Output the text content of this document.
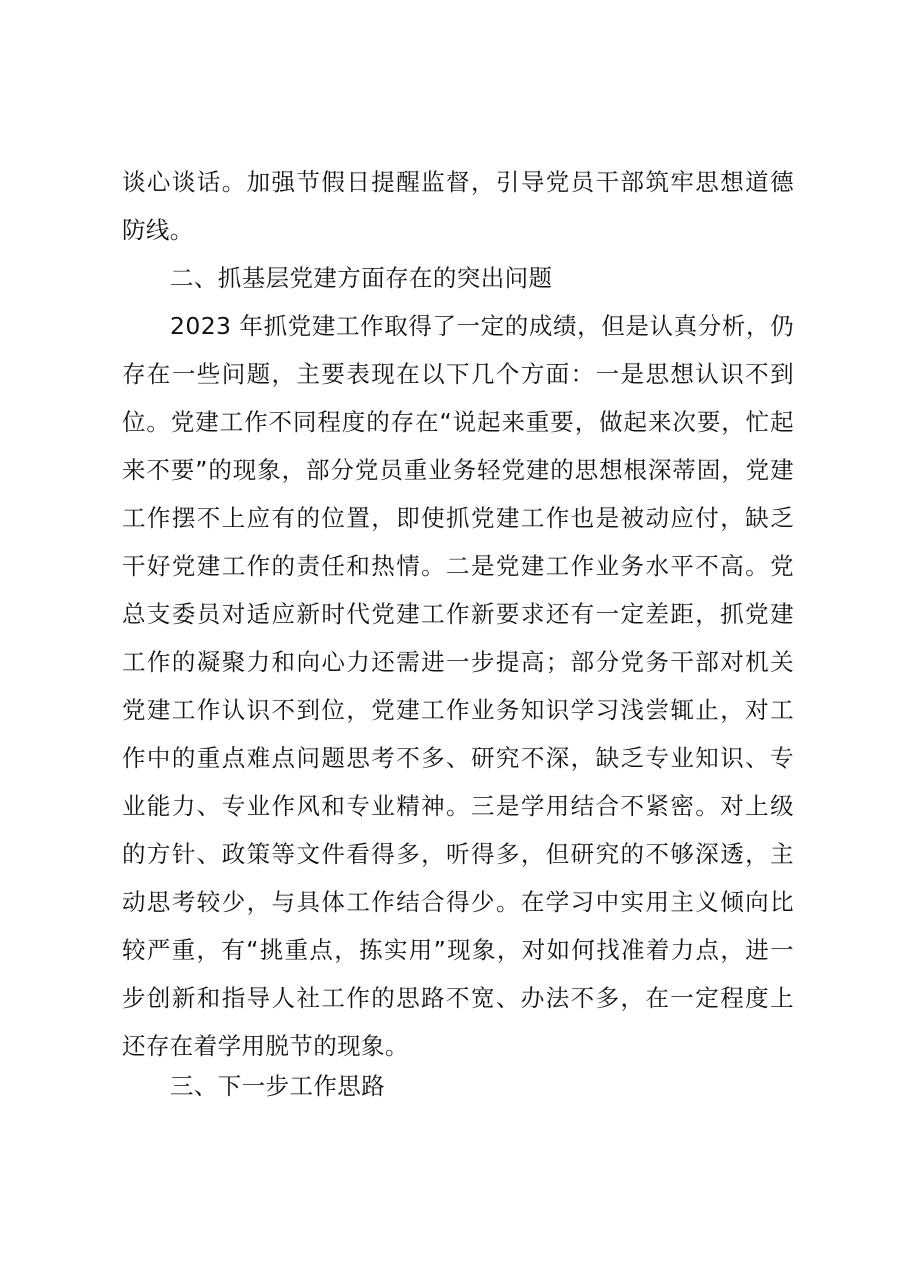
谈心谈话。加强节假日提醒监督，引导党员干部筑牢思想道德
防线。
二、抓基层党建方面存在的突出问题
2023 年抓党建工作取得了一定的成绩，但是认真分析，仍
存在一些问题，主要表现在以下几个方面：一是思想认识不到
位。党建工作不同程度的存在“说起来重要，做起来次要，忙起
来不要”的现象，部分党员重业务轻党建的思想根深蒂固，党建
工作摆不上应有的位置，即使抓党建工作也是被动应付，缺乏
干好党建工作的责任和热情。二是党建工作业务水平不高。党
总支委员对适应新时代党建工作新要求还有一定差距，抓党建
工作的凝聚力和向心力还需进一步提高；部分党务干部对机关
党建工作认识不到位，党建工作业务知识学习浅尝辄止，对工
作中的重点难点问题思考不多、研究不深，缺乏专业知识、专
业能力、专业作风和专业精神。三是学用结合不紧密。对上级
的方针、政策等文件看得多，听得多，但研究的不够深透，主
动思考较少，与具体工作结合得少。在学习中实用主义倾向比
较严重，有“挑重点，拣实用”现象，对如何找准着力点，进一
步创新和指导人社工作的思路不宽、办法不多，在一定程度上
还存在着学用脱节的现象。
三、下一步工作思路
